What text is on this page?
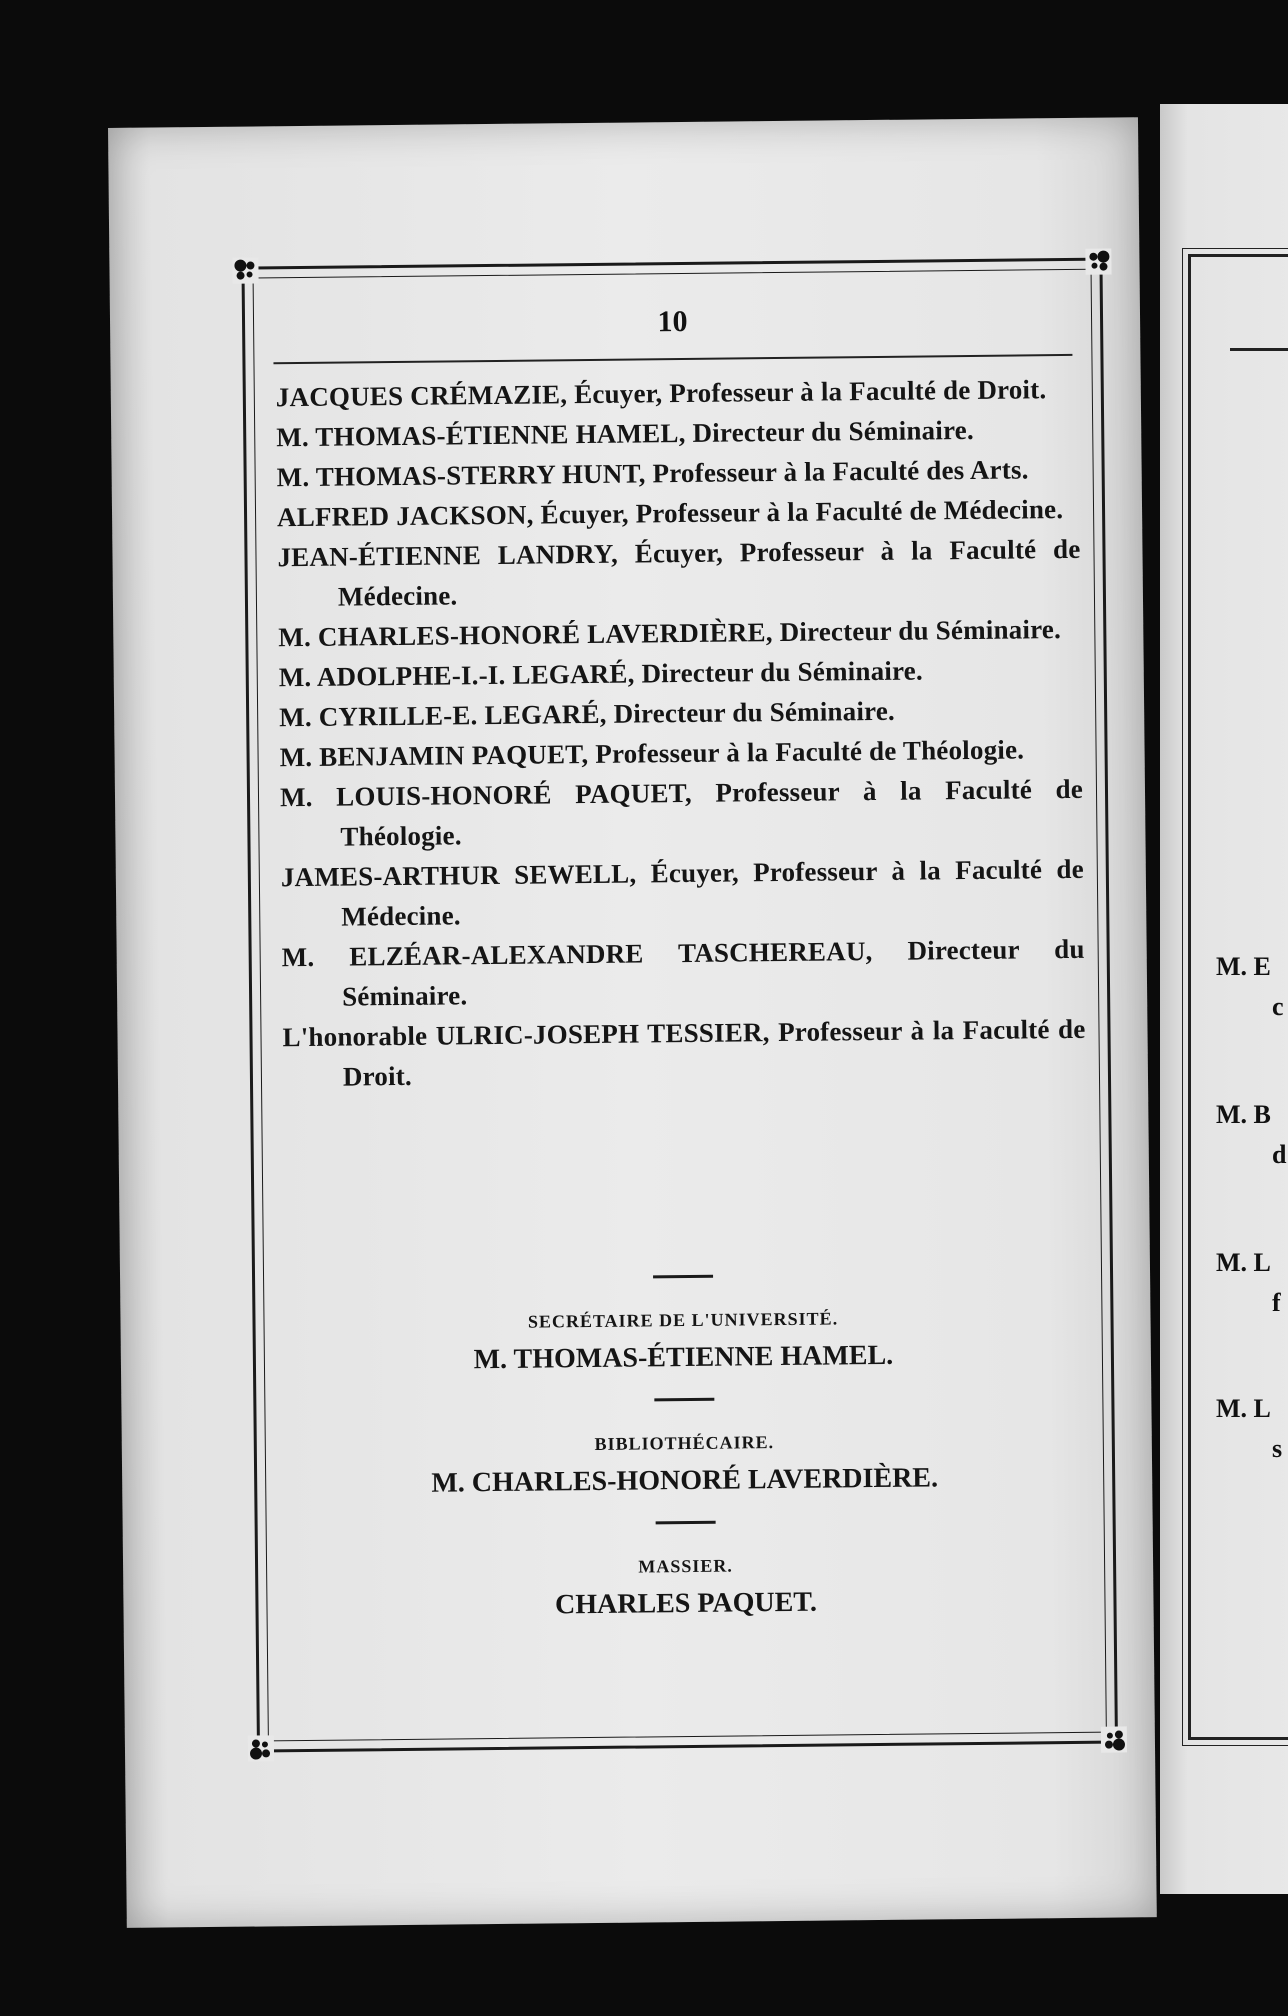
M. E
c
M. B
d
M. L
f
M. L
s
10
JACQUES CRÉMAZIE, Écuyer, Professeur à la Faculté de Droit.
M. THOMAS-ÉTIENNE HAMEL, Directeur du Séminaire.
M. THOMAS-STERRY HUNT, Professeur à la Faculté des Arts.
ALFRED JACKSON, Écuyer, Professeur à la Faculté de Médecine.
JEAN-ÉTIENNE LANDRY, Écuyer, Professeur à la Faculté de Médecine.
M. CHARLES-HONORÉ LAVERDIÈRE, Directeur du Séminaire.
M. ADOLPHE-I.-I. LEGARÉ, Directeur du Séminaire.
M. CYRILLE-E. LEGARÉ, Directeur du Séminaire.
M. BENJAMIN PAQUET, Professeur à la Faculté de Théologie.
M. LOUIS-HONORÉ PAQUET, Professeur à la Faculté de Théologie.
JAMES-ARTHUR SEWELL, Écuyer, Professeur à la Faculté de Médecine.
M. ELZÉAR-ALEXANDRE TASCHEREAU, Directeur du Séminaire.
L'honorable ULRIC-JOSEPH TESSIER, Professeur à la Faculté de Droit.
SECRÉTAIRE DE L'UNIVERSITÉ.
M. THOMAS-ÉTIENNE HAMEL.
BIBLIOTHÉCAIRE.
M. CHARLES-HONORÉ LAVERDIÈRE.
MASSIER.
CHARLES PAQUET.
